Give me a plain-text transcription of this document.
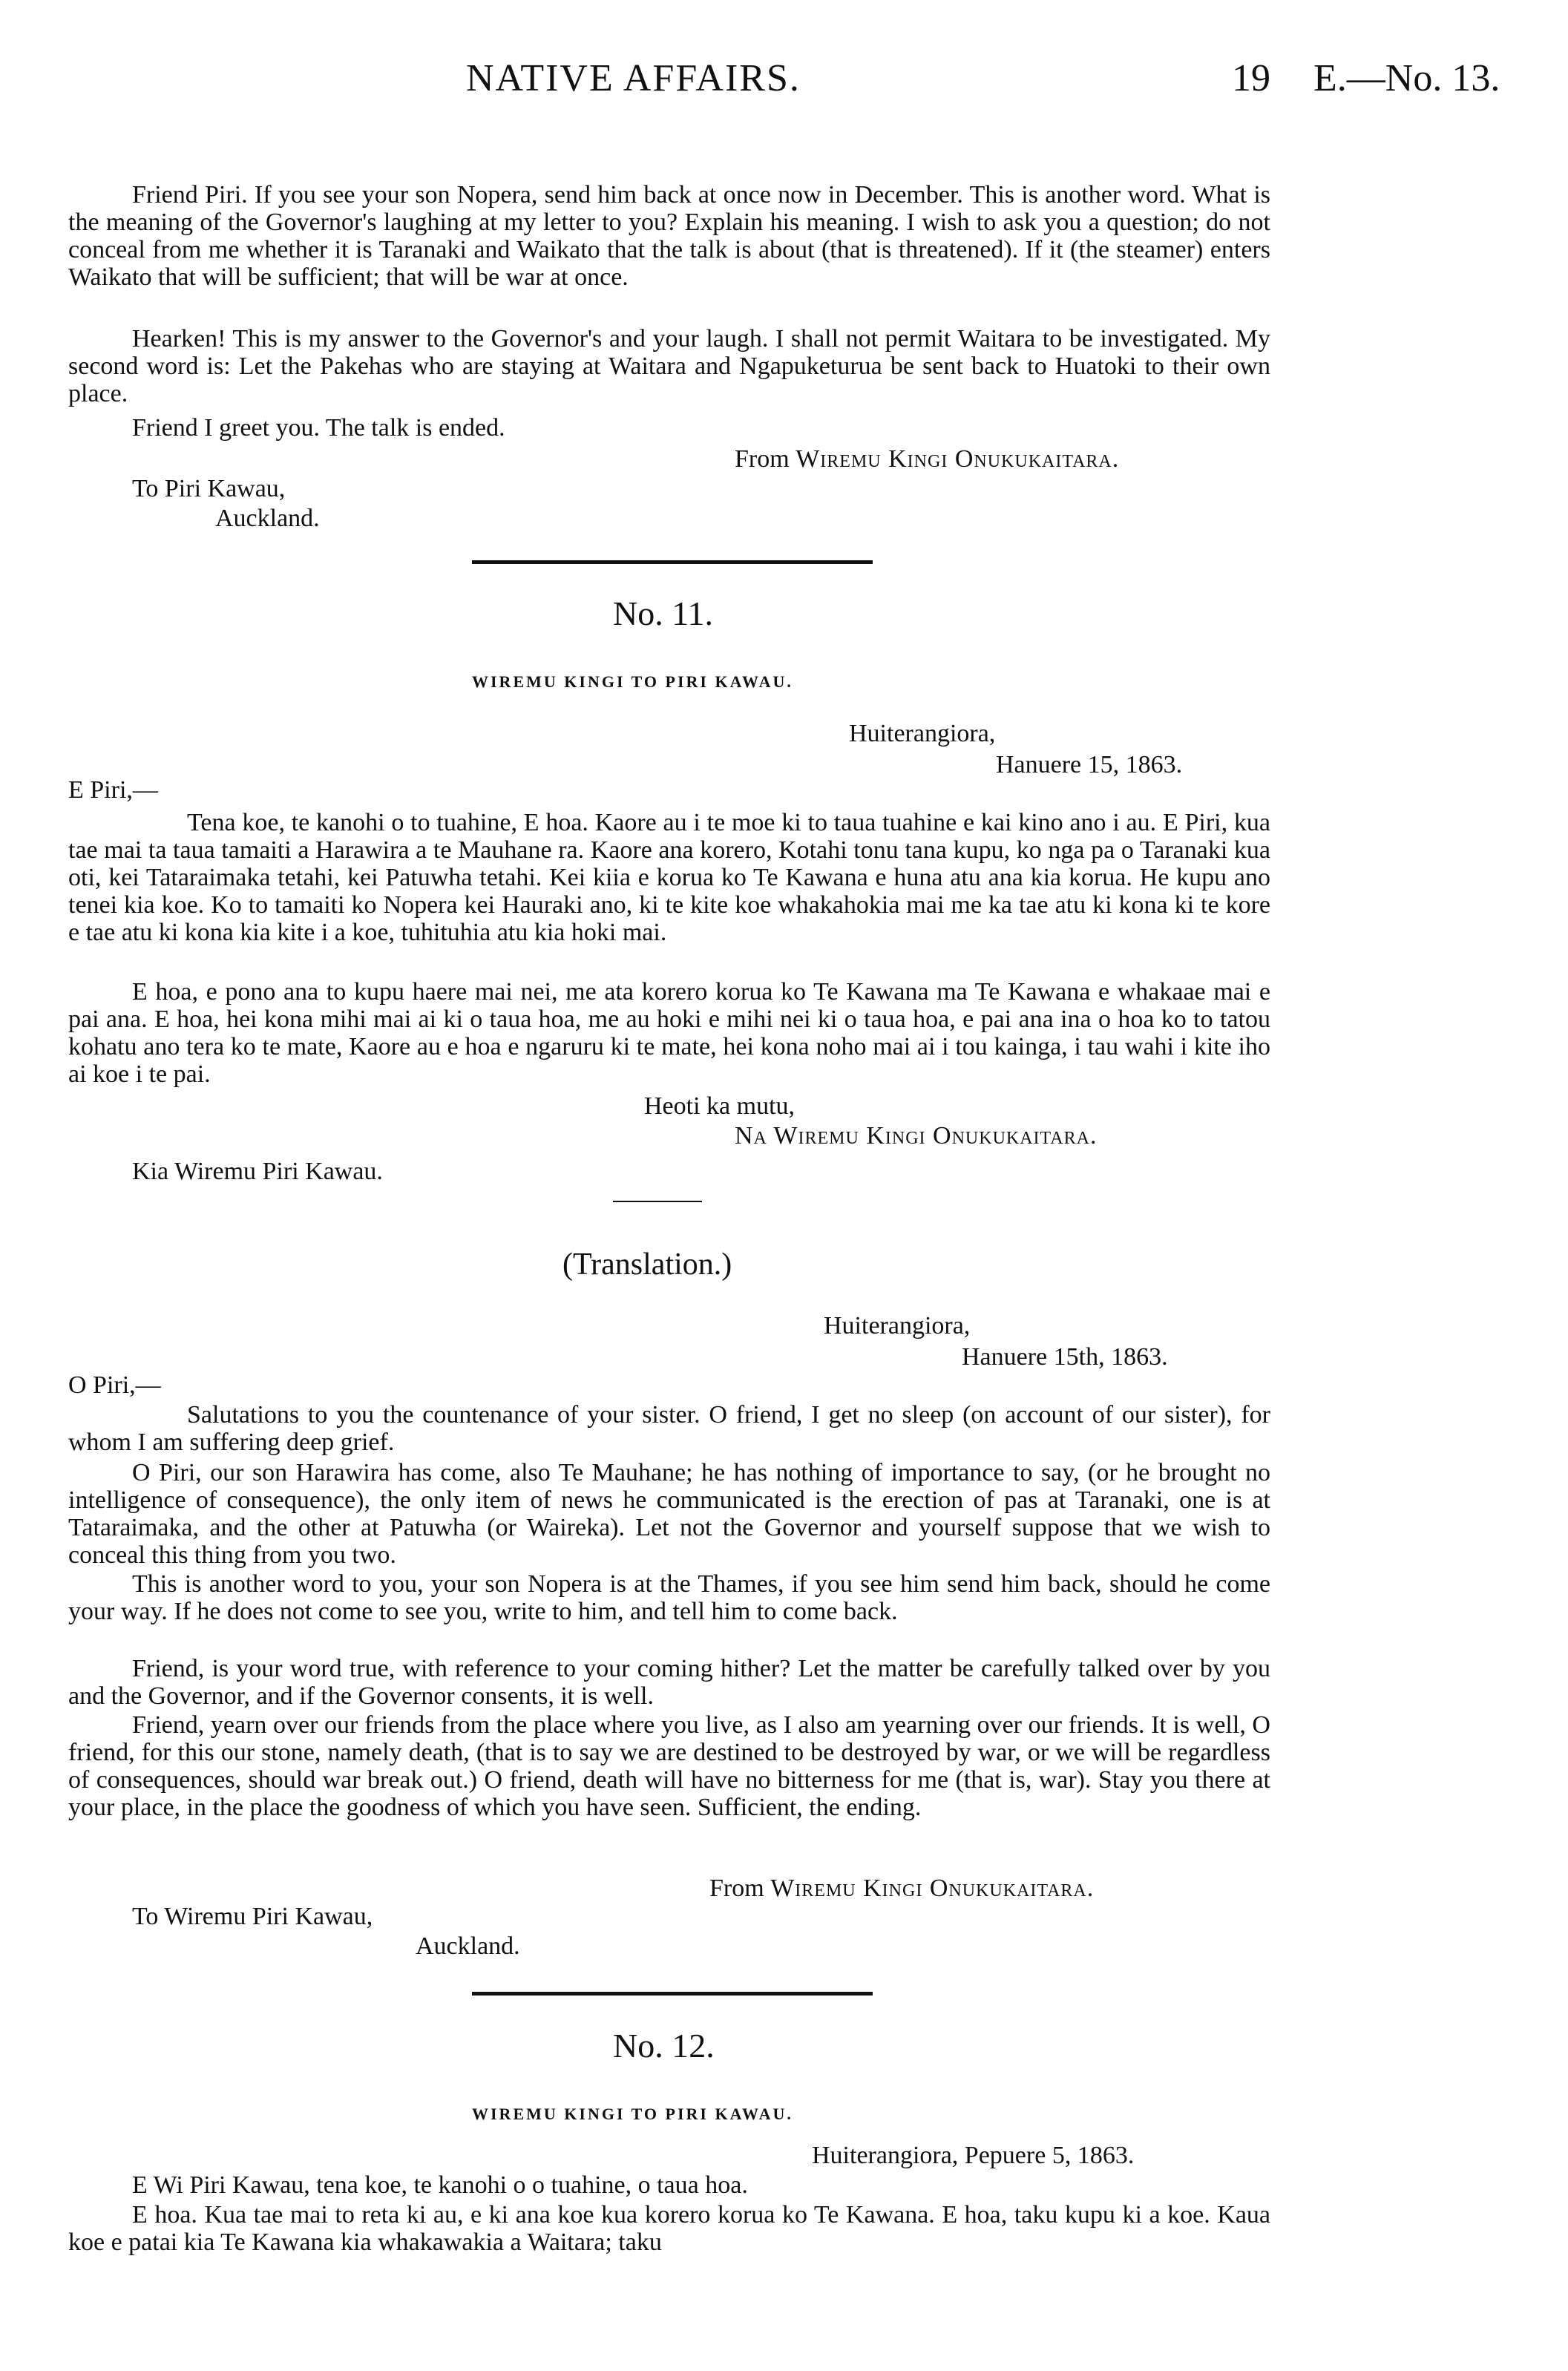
NATIVE AFFAIRS.	19 E.—No. 13.
Friend Piri. If you see your son Nopera, send him back at once now in December. This is another word. What is the meaning of the Governor's laughing at my letter to you? Explain his meaning. I wish to ask you a question; do not conceal from me whether it is Taranaki and Waikato that the talk is about (that is threatened). If it (the steamer) enters Waikato that will be sufficient; that will be war at once.
Hearken! This is my answer to the Governor's and your laugh. I shall not permit Waitara to be investigated. My second word is: Let the Pakehas who are staying at Waitara and Ngapuketurua be sent back to Huatoki to their own place.
Friend I greet you. The talk is ended.
From Wiremu Kingi Onukukaitara.
To Piri Kawau,
Auckland.
No. 11.
WIREMU KINGI TO PIRI KAWAU.
Huiterangiora,
Hanuere 15, 1863.
E Piri,—
Tena koe, te kanohi o to tuahine, E hoa. Kaore au i te moe ki to taua tuahine e kai kino ano i au. E Piri, kua tae mai ta taua tamaiti a Harawira a te Mauhane ra. Kaore ana korero, Kotahi tonu tana kupu, ko nga pa o Taranaki kua oti, kei Tataraimaka tetahi, kei Patuwha tetahi. Kei kiia e korua ko Te Kawana e huna atu ana kia korua. He kupu ano tenei kia koe. Ko to tamaiti ko Nopera kei Hauraki ano, ki te kite koe whakahokia mai me ka tae atu ki kona ki te kore e tae atu ki kona kia kite i a koe, tuhituhia atu kia hoki mai.
E hoa, e pono ana to kupu haere mai nei, me ata korero korua ko Te Kawana ma Te Kawana e whakaae mai e pai ana. E hoa, hei kona mihi mai ai ki o taua hoa, me au hoki e mihi nei ki o taua hoa, e pai ana ina o hoa ko to tatou kohatu ano tera ko te mate, Kaore au e hoa e ngaruru ki te mate, hei kona noho mai ai i tou kainga, i tau wahi i kite iho ai koe i te pai.
Heoti ka mutu,
Na Wiremu Kingi Onukukaitara.
Kia Wiremu Piri Kawau.
(Translation.)
Huiterangiora,
Hanuere 15th, 1863.
O Piri,—
Salutations to you the countenance of your sister. O friend, I get no sleep (on account of our sister), for whom I am suffering deep grief.
O Piri, our son Harawira has come, also Te Mauhane; he has nothing of importance to say, (or he brought no intelligence of consequence), the only item of news he communicated is the erection of pas at Taranaki, one is at Tataraimaka, and the other at Patuwha (or Waireka). Let not the Governor and yourself suppose that we wish to conceal this thing from you two.
This is another word to you, your son Nopera is at the Thames, if you see him send him back, should he come your way. If he does not come to see you, write to him, and tell him to come back.
Friend, is your word true, with reference to your coming hither? Let the matter be carefully talked over by you and the Governor, and if the Governor consents, it is well.
Friend, yearn over our friends from the place where you live, as I also am yearning over our friends. It is well, O friend, for this our stone, namely death, (that is to say we are destined to be destroyed by war, or we will be regardless of consequences, should war break out.) O friend, death will have no bitterness for me (that is, war). Stay you there at your place, in the place the goodness of which you have seen. Sufficient, the ending.
From Wiremu Kingi Onukukaitara.
To Wiremu Piri Kawau,
Auckland.
No. 12.
WIREMU KINGI TO PIRI KAWAU.
Huiterangiora, Pepuere 5, 1863.
E Wi Piri Kawau, tena koe, te kanohi o o tuahine, o taua hoa.
E hoa. Kua tae mai to reta ki au, e ki ana koe kua korero korua ko Te Kawana. E hoa, taku kupu ki a koe. Kaua koe e patai kia Te Kawana kia whakawakia a Waitara; taku
